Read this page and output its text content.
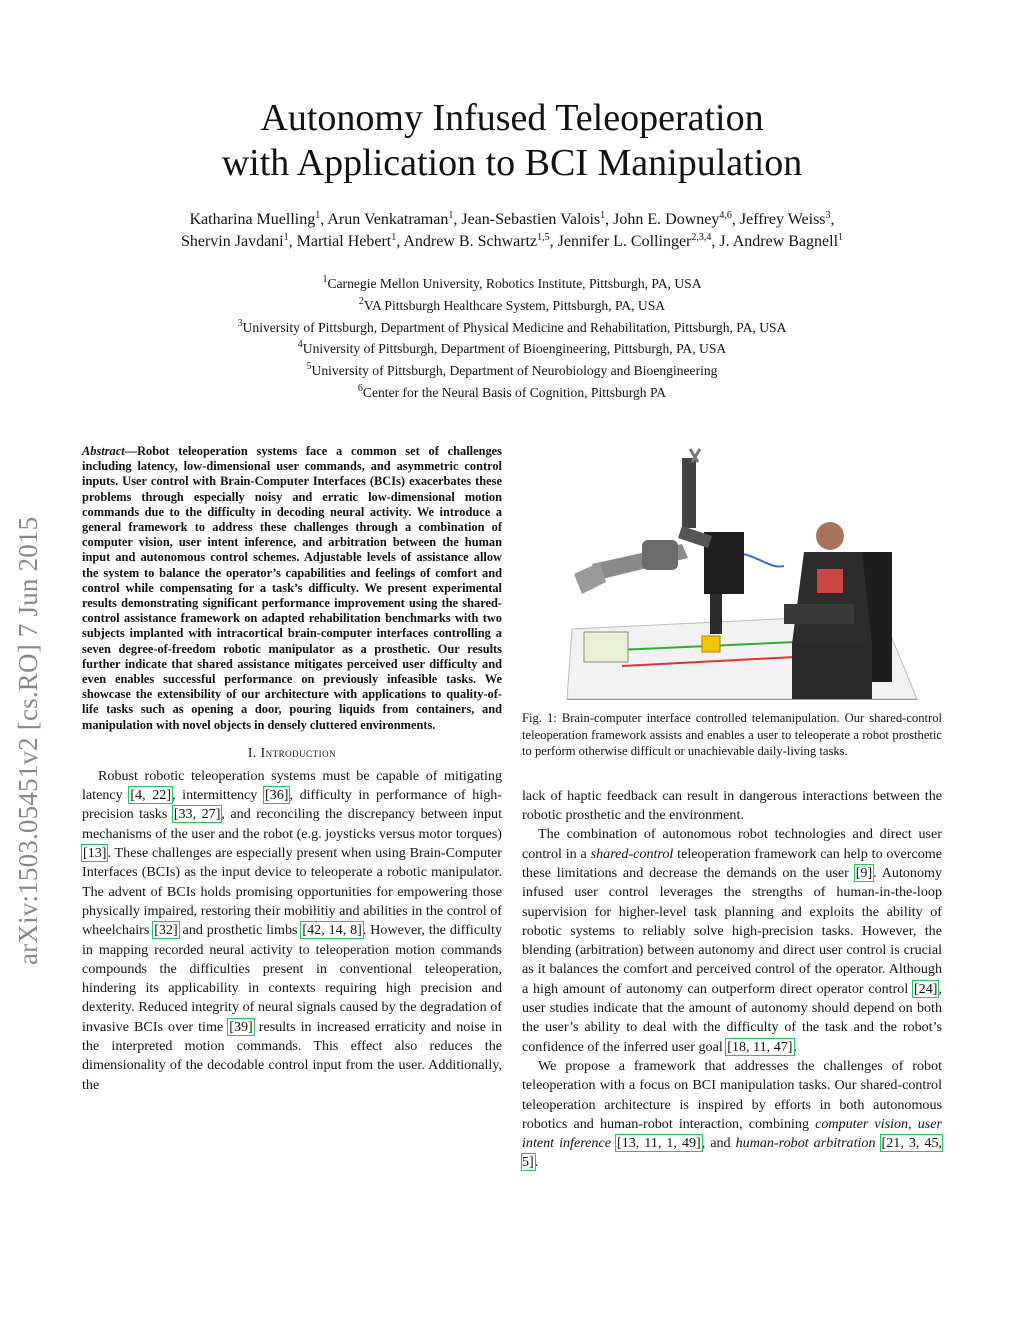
arXiv:1503.05451v2 [cs.RO] 7 Jun 2015
Autonomy Infused Teleoperation
with Application to BCI Manipulation
Katharina Muelling$^1$, Arun Venkatraman$^1$, Jean-Sebastien Valois$^1$, John E. Downey$^{4,6}$, Jeffrey Weiss$^3$,
Shervin Javdani$^1$, Martial Hebert$^1$, Andrew B. Schwartz$^{1,5}$, Jennifer L. Collinger$^{2,3,4}$, J. Andrew Bagnell$^1$
$^1$Carnegie Mellon University, Robotics Institute, Pittsburgh, PA, USA
$^2$VA Pittsburgh Healthcare System, Pittsburgh, PA, USA
$^3$University of Pittsburgh, Department of Physical Medicine and Rehabilitation, Pittsburgh, PA, USA
$^4$University of Pittsburgh, Department of Bioengineering, Pittsburgh, PA, USA
$^5$University of Pittsburgh, Department of Neurobiology and Bioengineering
$^6$Center for the Neural Basis of Cognition, Pittsburgh PA
Abstract—Robot teleoperation systems face a common set of challenges including latency, low-dimensional user commands, and asymmetric control inputs. User control with Brain-Computer Interfaces (BCIs) exacerbates these problems through especially noisy and erratic low-dimensional motion commands due to the difficulty in decoding neural activity. We introduce a general framework to address these challenges through a combination of computer vision, user intent inference, and arbitration between the human input and autonomous control schemes. Adjustable levels of assistance allow the system to balance the operator’s capabilities and feelings of comfort and control while compensating for a task’s difficulty. We present experimental results demonstrating significant performance improvement using the shared-control assistance framework on adapted rehabilitation benchmarks with two subjects implanted with intracortical brain-computer interfaces controlling a seven degree-of-freedom robotic manipulator as a prosthetic. Our results further indicate that shared assistance mitigates perceived user difficulty and even enables successful performance on previously infeasible tasks. We showcase the extensibility of our architecture with applications to quality-of-life tasks such as opening a door, pouring liquids from containers, and manipulation with novel objects in densely cluttered environments.
I. Introduction

Robust robotic teleoperation systems must be capable of mitigating latency [4, 22], intermittency [36], difficulty in performance of high-precision tasks [33, 27], and reconciling the discrepancy between input mechanisms of the user and the robot (e.g. joysticks versus motor torques) [13]. These challenges are especially present when using Brain-Computer Interfaces (BCIs) as the input device to teleoperate a robotic manipulator. The advent of BCIs holds promising opportunities for empowering those physically impaired, restoring their mobilitiy and abilities in the control of wheelchairs [32] and prosthetic limbs [42, 14, 8]. However, the difficulty in mapping recorded neural activity to teleoperation motion commands compounds the difficulties present in conventional teleoperation, hindering its applicability in contexts requiring high precision and dexterity. Reduced integrity of neural signals caused by the degradation of invasive BCIs over time [39] results in increased erraticity and noise in the interpreted motion commands. This effect also reduces the dimensionality of the decodable control input from the user. Additionally, the

Fig. 1: Brain-computer interface controlled telemanipulation. Our shared-control teleoperation framework assists and enables a user to teleoperate a robot prosthetic to perform otherwise difficult or unachievable daily-living tasks.

lack of haptic feedback can result in dangerous interactions between the robotic prosthetic and the environment.

The combination of autonomous robot technologies and direct user control in a shared-control teleoperation framework can help to overcome these limitations and decrease the demands on the user [9]. Autonomy infused user control leverages the strengths of human-in-the-loop supervision for higher-level task planning and exploits the ability of robotic systems to reliably solve high-precision tasks. However, the blending (arbitration) between autonomy and direct user control is crucial as it balances the comfort and perceived control of the operator. Although a high amount of autonomy can outperform direct operator control [24], user studies indicate that the amount of autonomy should depend on both the user’s ability to deal with the difficulty of the task and the robot’s confidence of the inferred user goal [18, 11, 47].

We propose a framework that addresses the challenges of robot teleoperation with a focus on BCI manipulation tasks. Our shared-control teleoperation architecture is inspired by efforts in both autonomous robotics and human-robot interaction, combining computer vision, user intent inference [13, 11, 1, 49], and human-robot arbitration [21, 3, 45, 5].
